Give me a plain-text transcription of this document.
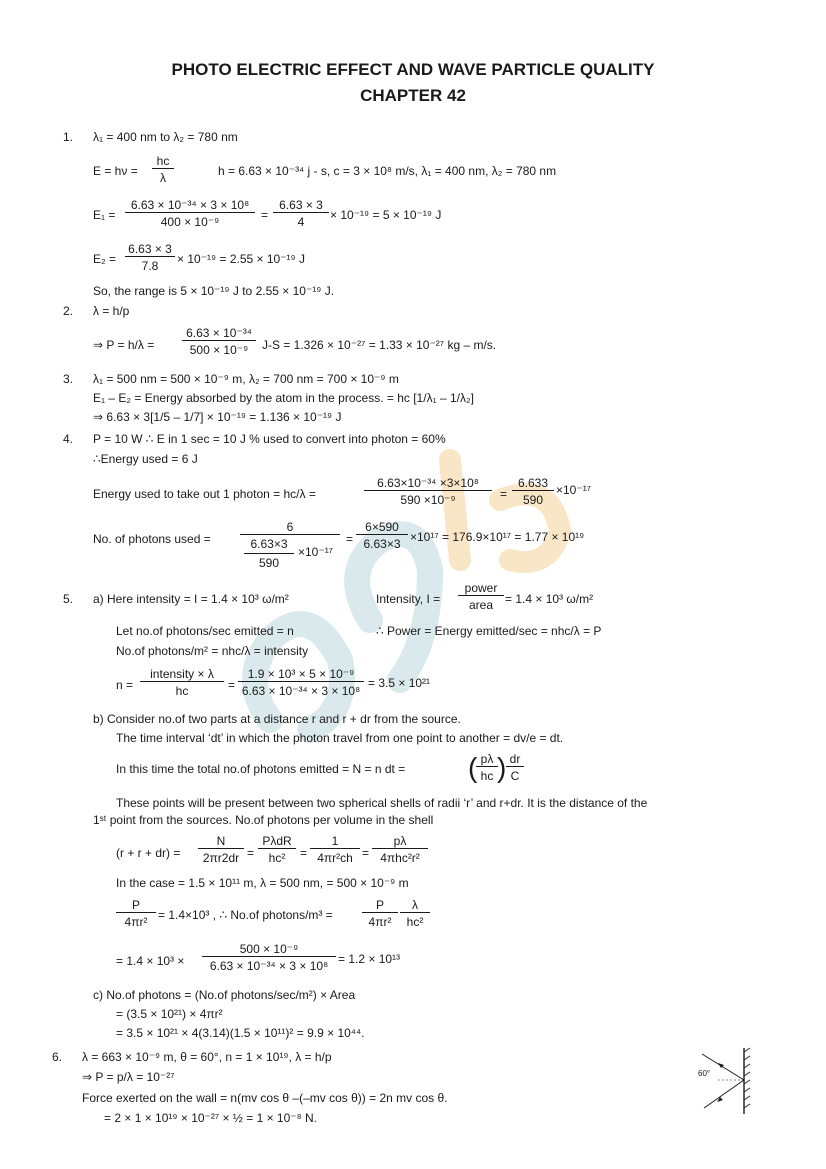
PHOTO ELECTRIC EFFECT AND WAVE PARTICLE QUALITY
CHAPTER 42
1. λ₁ = 400 nm to λ₂ = 780 nm
$E = h\nu = \frac{hc}{\lambda}$	h = 6.63 × 10⁻³⁴ j - s, c = 3 × 10⁸ m/s, λ₁ = 400 nm, λ₂ = 780 nm
$E_1 = \frac{\text{6.63 × 10⁻³⁴ × 3 × 10⁸}}{\text{400 × 10⁻⁹}} = \frac{6.63 \times 3}{4} \times 10^{-19} = 5 \times 10^{-19}$ J
$E_2 = \frac{6.63 \times 3}{7.8} \times 10^{-19} = 2.55 \times 10^{-19}$ J
So, the range is 5 × 10⁻¹⁹ J to 2.55 × 10⁻¹⁹ J.
2. λ = h/p
⇒ $P = h/\lambda = \frac{\text{6.63 × 10⁻³⁴}}{\text{500 × 10⁻⁹}} J-S = 1.326 \times 10^{-27} = 1.33 \times 10^{-27}$ kg – m/s.
3. λ₁ = 500 nm = 500 × 10⁻⁹ m, λ₂ = 700 nm = 700 × 10⁻⁹ m
E₁ – E₂ = Energy absorbed by the atom in the process. = hc [1/λ₁ – 1/λ₂]
⇒ 6.63 × 3[1/5 – 1/7] × 10⁻¹⁹ = 1.136 × 10⁻¹⁹ J
4. P = 10 W ∴ E in 1 sec = 10 J % used to convert into photon = 60%
∴Energy used = 6 J
Energy used to take out 1 photon = hc/λ =	$\frac{\text{6.63×10⁻³⁴ ×3×10⁸}}{\text{590 ×10⁻⁹}} = \frac{6.633}{590} \times 10^{-17}$
No. of photons used = 6
6.63×3
590
$\times 10^{-17} = \frac{6\times 590}{6.63\times 3} \times 10^{17} = 176.9\times 10^{17} = 1.77 \times 10^{19}$
5. a) Here intensity = I = 1.4 × 10³ ω/m²	Intensity, I =
power
area = 1.4 × 10³ ω/m²
Let no.of photons/sec emitted = n	∴ Power = Energy emitted/sec = nhc/λ = P
No.of photons/m² = nhc/λ = intensity
n =
intensity × λ
hc	= $\frac{\text{1.9 × 10³ × 5 × 10⁻⁹}}{\text{6.63 × 10⁻³⁴ × 3 × 10⁸}} = 3.5 \times 10^{21}$
b) Consider no.of two parts at a distance r and r + dr from the source.
The time interval ‘dt’ in which the photon travel from one point to another = dv/e = dt.
In this time the total no.of photons emitted = N = n dt = (
$\frac{p\lambda}{hc}$ ) $\frac{dr}{C}$
These points will be present between two spherical shells of radii ‘r’ and r+dr. It is the distance of the
1ˢᵗ point from the sources. No.of photons per volume in the shell
$(r + r + dr) = \frac{N}{2\pi r2dr}$ =
PλdR
hc²	= $\frac{1}{\text{4πr²ch}}$ =
pλ
4πhc²r²
In the case = 1.5 × 10¹¹ m, λ = 500 nm, = 500 × 10⁻⁹ m
$\frac{P}{\text{4πr²}} = 1.4\times 10^3$ , ∴ No.of photons/m³ = $\frac{P}{\text{4πr²}} \frac{\lambda}{\text{hc²}}$
= $1.4 \times 10^3 \times \frac{\text{500 × 10⁻⁹}}{\text{6.63 × 10⁻³⁴ × 3 × 10⁸}} = 1.2 \times 10^{13}$
c) No.of photons = (No.of photons/sec/m²) × Area
= (3.5 × 10²¹) × 4πr²
= 3.5 × 10²¹ × 4(3.14)(1.5 × 10¹¹)² = 9.9 × 10⁴⁴.
6. λ = 663 × 10⁻⁹ m, θ = 60°, n = 1 × 10¹⁹, λ = h/p
⇒ P = p/λ = 10⁻²⁷
Force exerted on the wall = n(mv cos θ –(–mv cos θ)) = 2n mv cos θ.
= 2 × 1 × 10¹⁹ × 10⁻²⁷ × ½ = 1 × 10⁻⁸ N.
60°
